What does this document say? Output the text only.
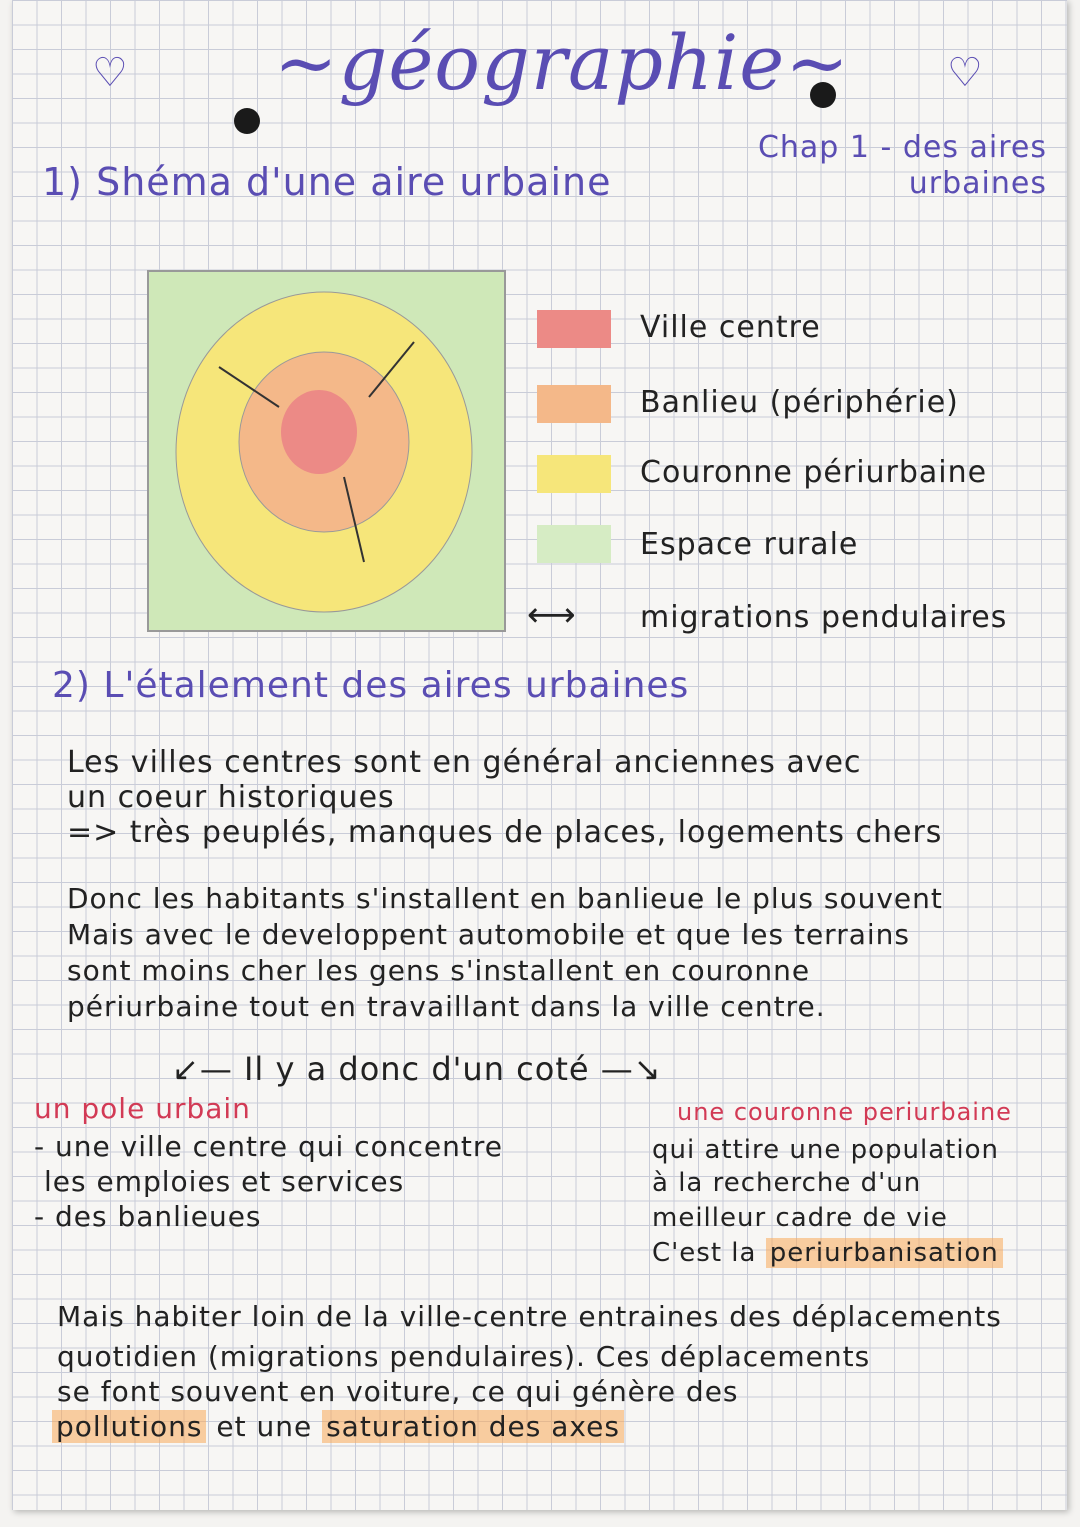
♡	♡
~géographie~
Chap 1 - des aires urbaines
1) Shéma d'une aire urbaine
Ville centre
Banlieu (périphérie)
Couronne périurbaine
Espace rurale
⟷ migrations pendulaires
2) L'étalement des aires urbaines
Les villes centres sont en général anciennes avec
un coeur historiques
=> très peuplés, manques de places, logements chers
Donc les habitants s'installent en banlieue le plus souvent
Mais avec le developpent automobile et que les terrains
sont moins cher les gens s'installent en couronne
périurbaine tout en travaillant dans la ville centre.
↙— Il y a donc d'un coté —↘
un pole urbain
- une ville centre qui concentre
les emploies et services
- des banlieues
une couronne periurbaine
qui attire une population
à la recherche d'un
meilleur cadre de vie
C'est la periurbanisation
Mais habiter loin de la ville-centre entraines des déplacements
quotidien (migrations pendulaires). Ces déplacements
se font souvent en voiture, ce qui génère des
pollutions et une saturation des axes
